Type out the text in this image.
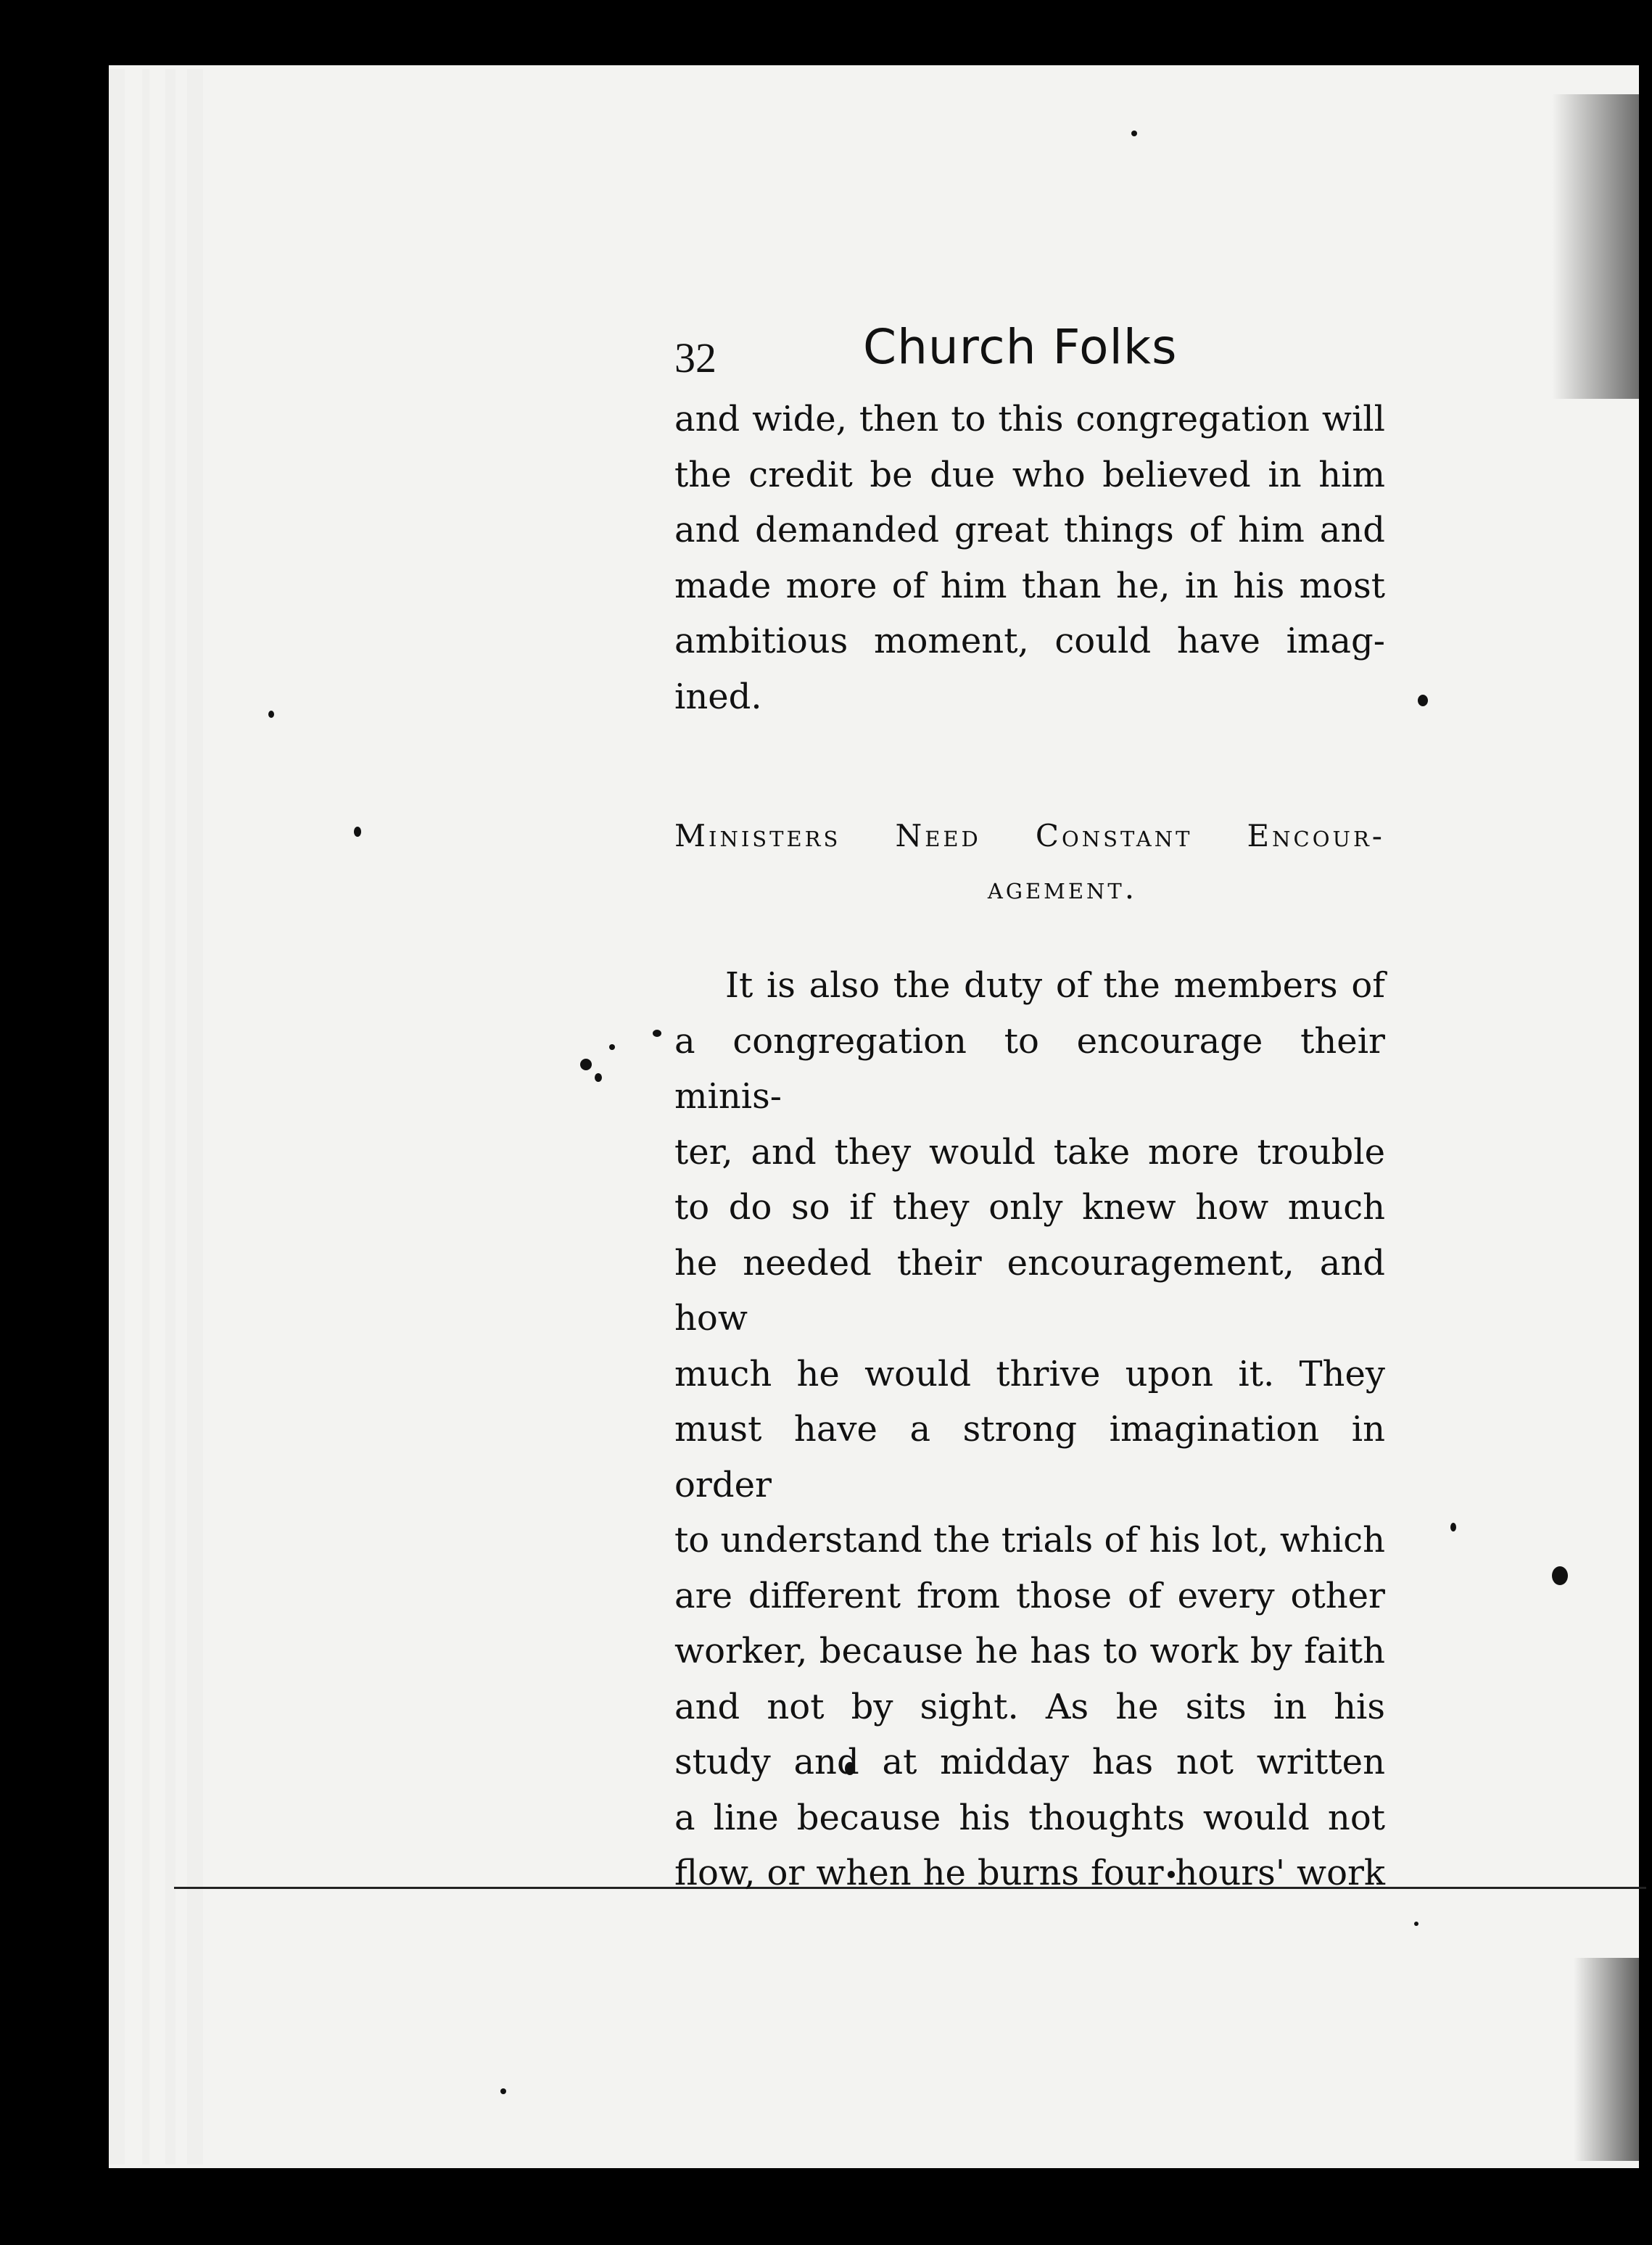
32	Church Folks

and wide, then to this congregation will
the credit be due who believed in him
and demanded great things of him and
made more of him than he, in his most
ambitious moment, could have imag-
ined.

Ministers Need Constant Encour-
agement.

It is also the duty of the members of
a congregation to encourage their minis-
ter, and they would take more trouble
to do so if they only knew how much
he needed their encouragement, and how
much he would thrive upon it. They
must have a strong imagination in order
to understand the trials of his lot, which
are different from those of every other
worker, because he has to work by faith
and not by sight. As he sits in his
study and at midday has not written
a line because his thoughts would not
flow, or when he burns four hours' work
